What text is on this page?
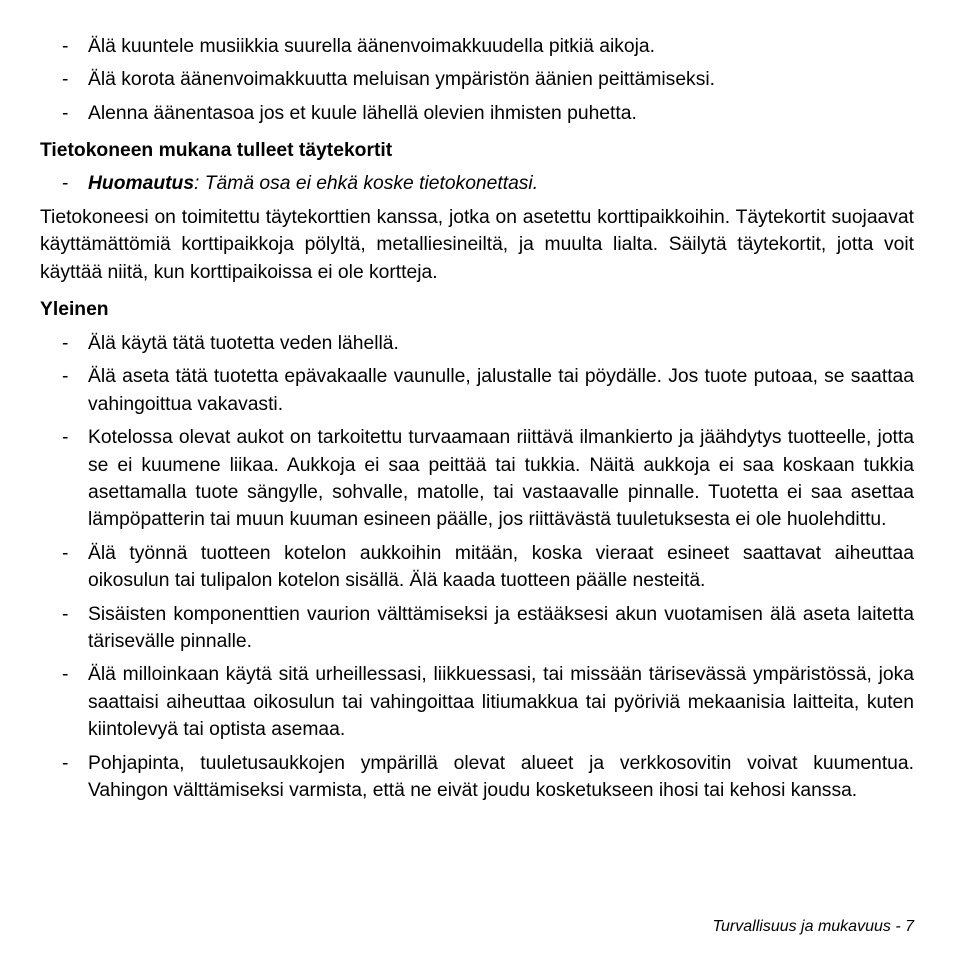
- Älä kuuntele musiikkia suurella äänenvoimakkuudella pitkiä aikoja.
- Älä korota äänenvoimakkuutta meluisan ympäristön äänien peittämiseksi.
- Alenna äänentasoa jos et kuule lähellä olevien ihmisten puhetta.
Tietokoneen mukana tulleet täytekortit
- Huomautus: Tämä osa ei ehkä koske tietokonettasi.

Tietokoneesi on toimitettu täytekorttien kanssa, jotka on asetettu korttipaikkoihin. Täytekortit suojaavat käyttämättömiä korttipaikkoja pölyltä, metalliesineiltä, ja muulta lialta. Säilytä täytekortit, jotta voit käyttää niitä, kun korttipaikoissa ei ole kortteja.

Yleinen
- Älä käytä tätä tuotetta veden lähellä.
- Älä aseta tätä tuotetta epävakaalle vaunulle, jalustalle tai pöydälle. Jos tuote putoaa, se saattaa vahingoittua vakavasti.
- Kotelossa olevat aukot on tarkoitettu turvaamaan riittävä ilmankierto ja jäähdytys tuotteelle, jotta se ei kuumene liikaa. Aukkoja ei saa peittää tai tukkia. Näitä aukkoja ei saa koskaan tukkia asettamalla tuote sängylle, sohvalle, matolle, tai vastaavalle pinnalle. Tuotetta ei saa asettaa lämpöpatterin tai muun kuuman esineen päälle, jos riittävästä tuuletuksesta ei ole huolehdittu.
- Älä työnnä tuotteen kotelon aukkoihin mitään, koska vieraat esineet saattavat aiheuttaa oikosulun tai tulipalon kotelon sisällä. Älä kaada tuotteen päälle nesteitä.
- Sisäisten komponenttien vaurion välttämiseksi ja estääksesi akun vuotamisen älä aseta laitetta tärisevälle pinnalle.
- Älä milloinkaan käytä sitä urheillessasi, liikkuessasi, tai missään tärisevässä ympäristössä, joka saattaisi aiheuttaa oikosulun tai vahingoittaa litiumakkua tai pyöriviä mekaanisia laitteita, kuten kiintolevyä tai optista asemaa.
- Pohjapinta, tuuletusaukkojen ympärillä olevat alueet ja verkkosovitin voivat kuumentua. Vahingon välttämiseksi varmista, että ne eivät joudu kosketukseen ihosi tai kehosi kanssa.
Turvallisuus ja mukavuus - 7
